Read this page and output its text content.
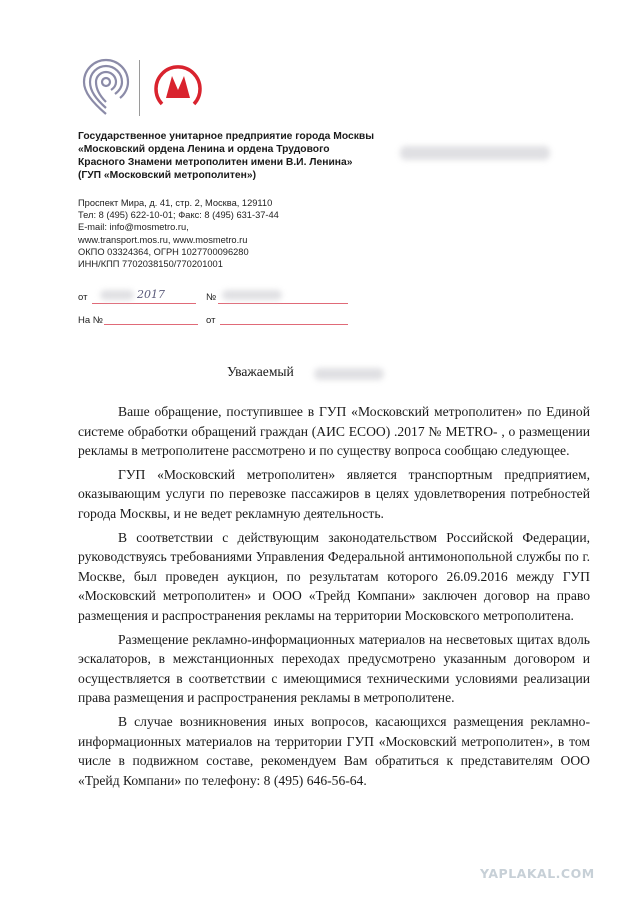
Государственное унитарное предприятие города Москвы
«Московский ордена Ленина и ордена Трудового
Красного Знамени метрополитен имени В.И. Ленина»
(ГУП «Московский метрополитен»)
Проспект Мира, д. 41, стр. 2, Москва, 129110
Тел: 8 (495) 622-10-01; Факс: 8 (495) 631-37-44
E-mail: info@mosmetro.ru,
www.transport.mos.ru, www.mosmetro.ru
ОКПО 03324364, ОГРН 1027700096280
ИНН/КПП 7702038150/770201001
от	2017	№
На №	от
Уважаемый

Ваше обращение, поступившее в ГУП «Московский метрополитен» по Единой системе обработки обращений граждан (АИС ЕСОО) .2017 № METRO- , о размещении рекламы в метрополитене рассмотрено и по существу вопроса сообщаю следующее.

ГУП «Московский метрополитен» является транспортным предприятием, оказывающим услуги по перевозке пассажиров в целях удовлетворения потребностей города Москвы, и не ведет рекламную деятельность.

В соответствии с действующим законодательством Российской Федерации, руководствуясь требованиями Управления Федеральной антимонопольной службы по г. Москве, был проведен аукцион, по результатам которого 26.09.2016 между ГУП «Московский метрополитен» и ООО «Трейд Компани» заключен договор на право размещения и распространения рекламы на территории Московского метрополитена.

Размещение рекламно-информационных материалов на несветовых щитах вдоль эскалаторов, в межстанционных переходах предусмотрено указанным договором и осуществляется в соответствии с имеющимися техническими условиями реализации права размещения и распространения рекламы в метрополитене.

В случае возникновения иных вопросов, касающихся размещения рекламно-информационных материалов на территории ГУП «Московский метрополитен», в том числе в подвижном составе, рекомендуем Вам обратиться к представителям ООО «Трейд Компани» по телефону: 8 (495) 646-56-64.

YAPLAKAL.COM
